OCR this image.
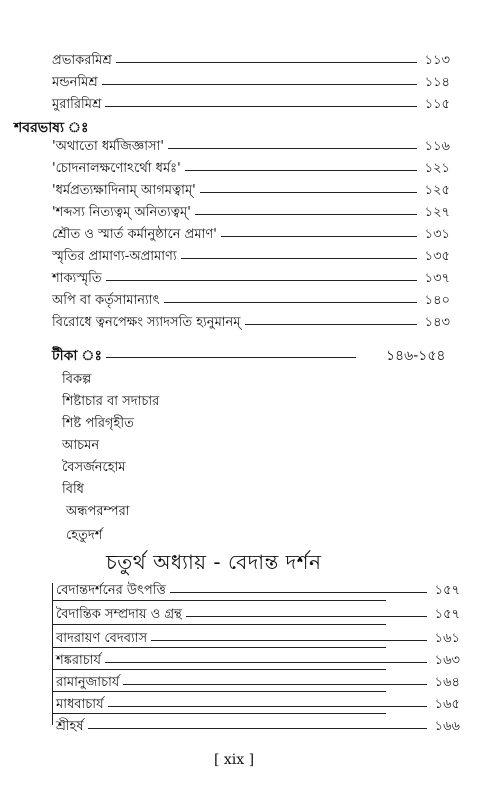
প্রভাকরমিশ্র	১১৩
মন্ডনমিশ্র	১১৪
মুরারিমিশ্র	১১৫
শবরভাষ্য ঃ
'অথাতো ধর্মজিজ্ঞাসা'	১১৬
'চোদনালক্ষণোঽর্থো ধর্মঃ'	১২১
'ধর্মপ্রত্যক্ষাদিনাম্ আগমত্বাম্'	১২৫
'শব্দস্য নিত্যত্বম্ অনিত্যত্বম্'	১২৭
শ্রৌত ও স্মার্ত কর্মানুষ্ঠানে প্রমাণ'	১৩১
স্মৃতির প্রামাণ্য-অপ্রামাণ্য	১৩৫
শাক্যস্মৃতি	১৩৭
অপি বা কর্তৃসামান্যাৎ	১৪০
বিরোধে ত্বনপেক্ষং স্যাদসতি হ্যনুমানম্	১৪৩
টীকা ঃ	১৪৬-১৫৪
বিকল্প
শিষ্টাচার বা সদাচার
শিষ্ট পরিগৃহীত
আচমন
বৈসর্জনহোম
বিধি
অন্ধপরম্পরা
হেতুদর্শ
চতুর্থ অধ্যায় - বেদান্ত দর্শন
বেদান্তদর্শনের উৎপত্তি	১৫৭
বৈদান্তিক সম্প্রদায় ও গ্রন্থ	১৫৭
বাদরায়ণ বেদব্যাস	১৬১
শঙ্করাচার্য	১৬৩
রামানুজাচার্য	১৬৪
মাধবাচার্য	১৬৫
শ্রীহর্ষ	১৬৬
[ xix ]
